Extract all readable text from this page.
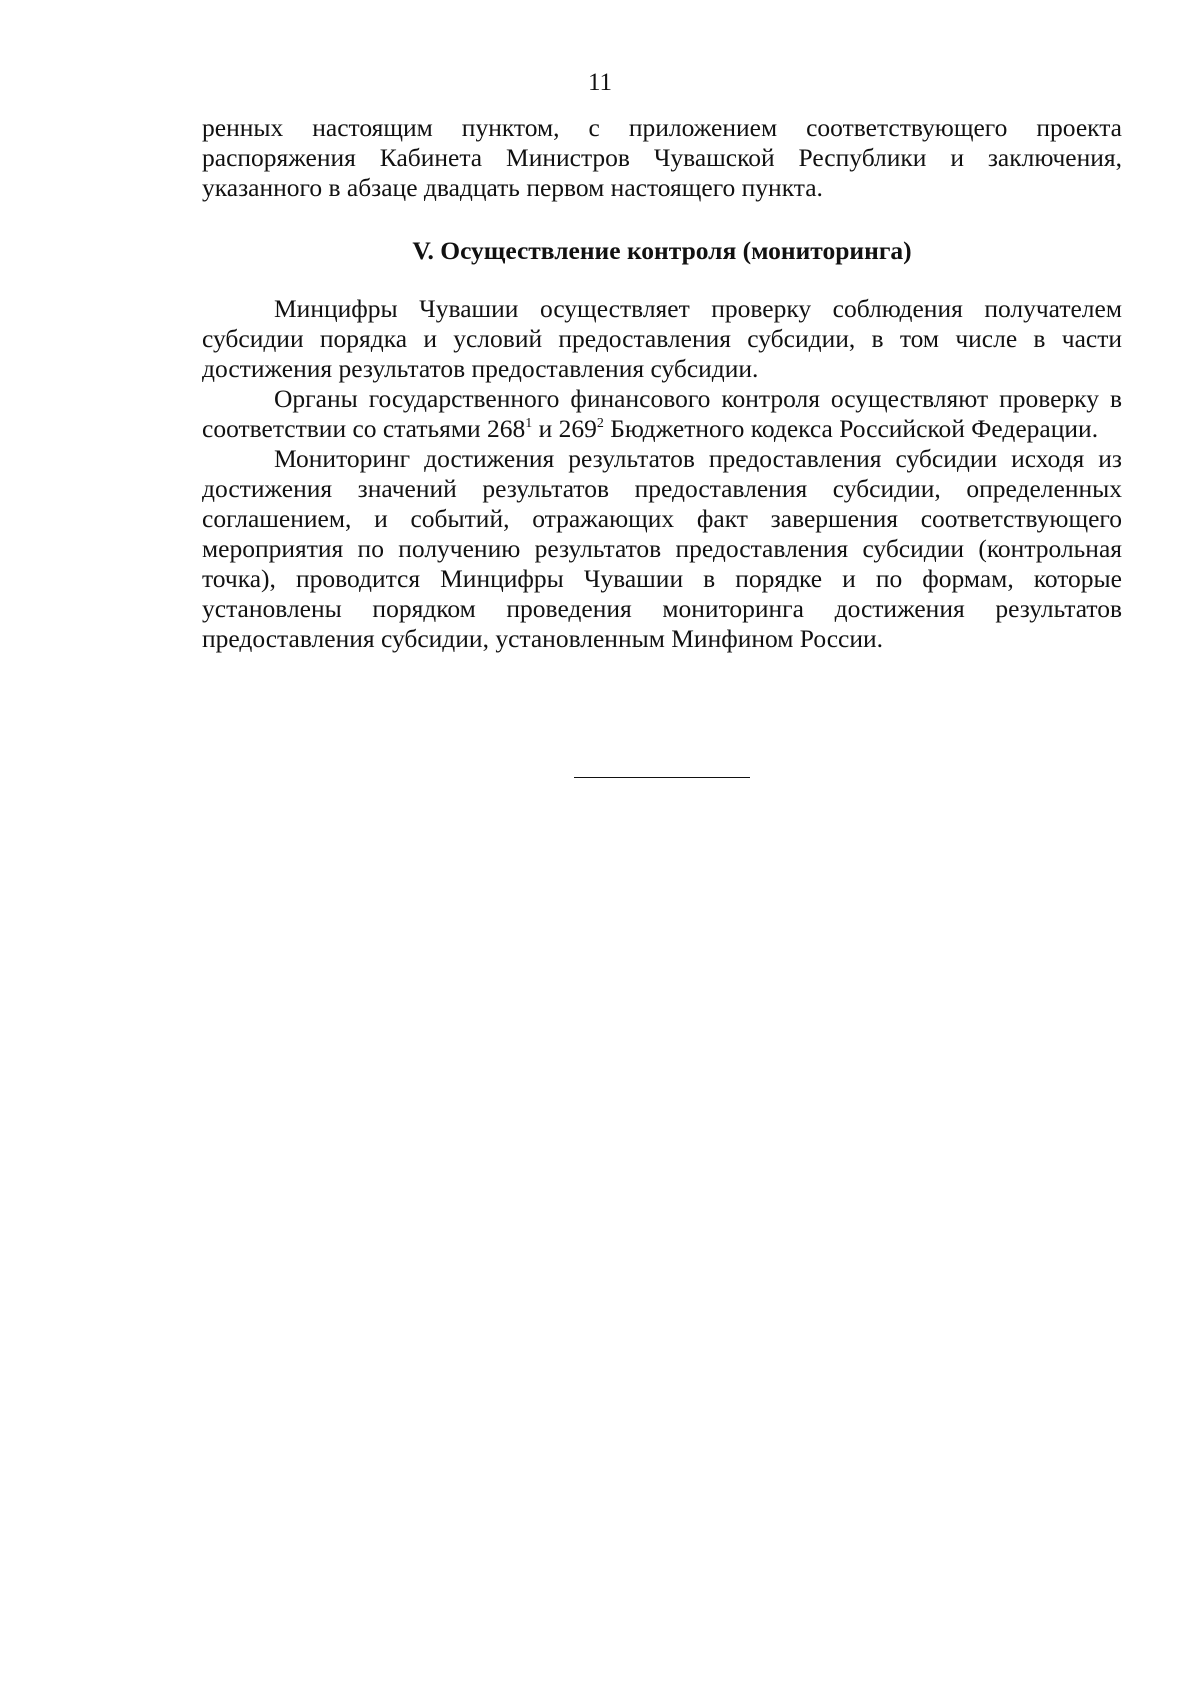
11

ренных настоящим пунктом, с приложением соответствующего проекта распоряжения Кабинета Министров Чувашской Республики и заключения, указанного в абзаце двадцать первом настоящего пункта.

V. Осуществление контроля (мониторинга)

Минцифры Чувашии осуществляет проверку соблюдения получателем субсидии порядка и условий предоставления субсидии, в том числе в части достижения результатов предоставления субсидии.

Органы государственного финансового контроля осуществляют проверку в соответствии со статьями $268^1$ и $269^2$ Бюджетного кодекса Российской Федерации.

Мониторинг достижения результатов предоставления субсидии исходя из достижения значений результатов предоставления субсидии, определенных соглашением, и событий, отражающих факт завершения соответствующего мероприятия по получению результатов предоставления субсидии (контрольная точка), проводится Минцифры Чувашии в порядке и по формам, которые установлены порядком проведения мониторинга достижения результатов предоставления субсидии, установленным Минфином России.
